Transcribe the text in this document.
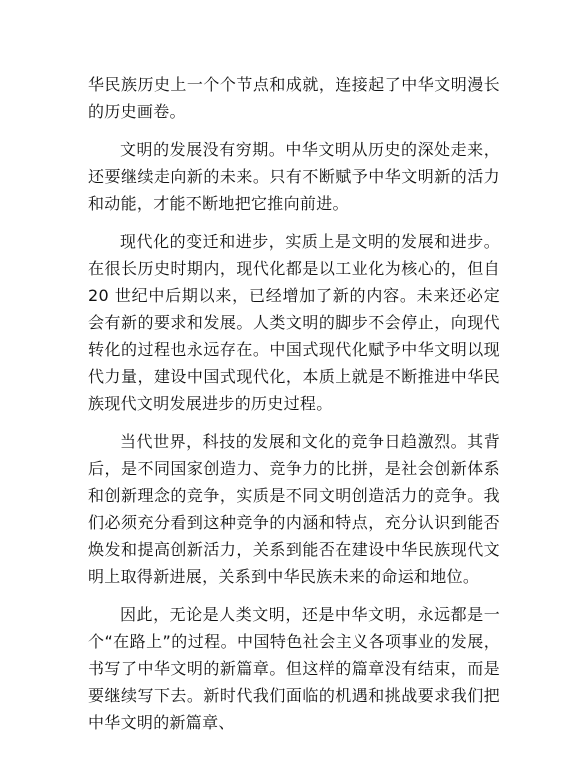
华民族历史上一个个节点和成就，连接起了中华文明漫长的历史画卷。

文明的发展没有穷期。中华文明从历史的深处走来，还要继续走向新的未来。只有不断赋予中华文明新的活力和动能，才能不断地把它推向前进。

现代化的变迁和进步，实质上是文明的发展和进步。在很长历史时期内，现代化都是以工业化为核心的，但自 20 世纪中后期以来，已经增加了新的内容。未来还必定会有新的要求和发展。人类文明的脚步不会停止，向现代转化的过程也永远存在。中国式现代化赋予中华文明以现代力量，建设中国式现代化，本质上就是不断推进中华民族现代文明发展进步的历史过程。

当代世界，科技的发展和文化的竞争日趋激烈。其背后，是不同国家创造力、竞争力的比拼，是社会创新体系和创新理念的竞争，实质是不同文明创造活力的竞争。我们必须充分看到这种竞争的内涵和特点，充分认识到能否焕发和提高创新活力，关系到能否在建设中华民族现代文明上取得新进展，关系到中华民族未来的命运和地位。

因此，无论是人类文明，还是中华文明，永远都是一个“在路上”的过程。中国特色社会主义各项事业的发展，书写了中华文明的新篇章。但这样的篇章没有结束，而是要继续写下去。新时代我们面临的机遇和挑战要求我们把中华文明的新篇章、
